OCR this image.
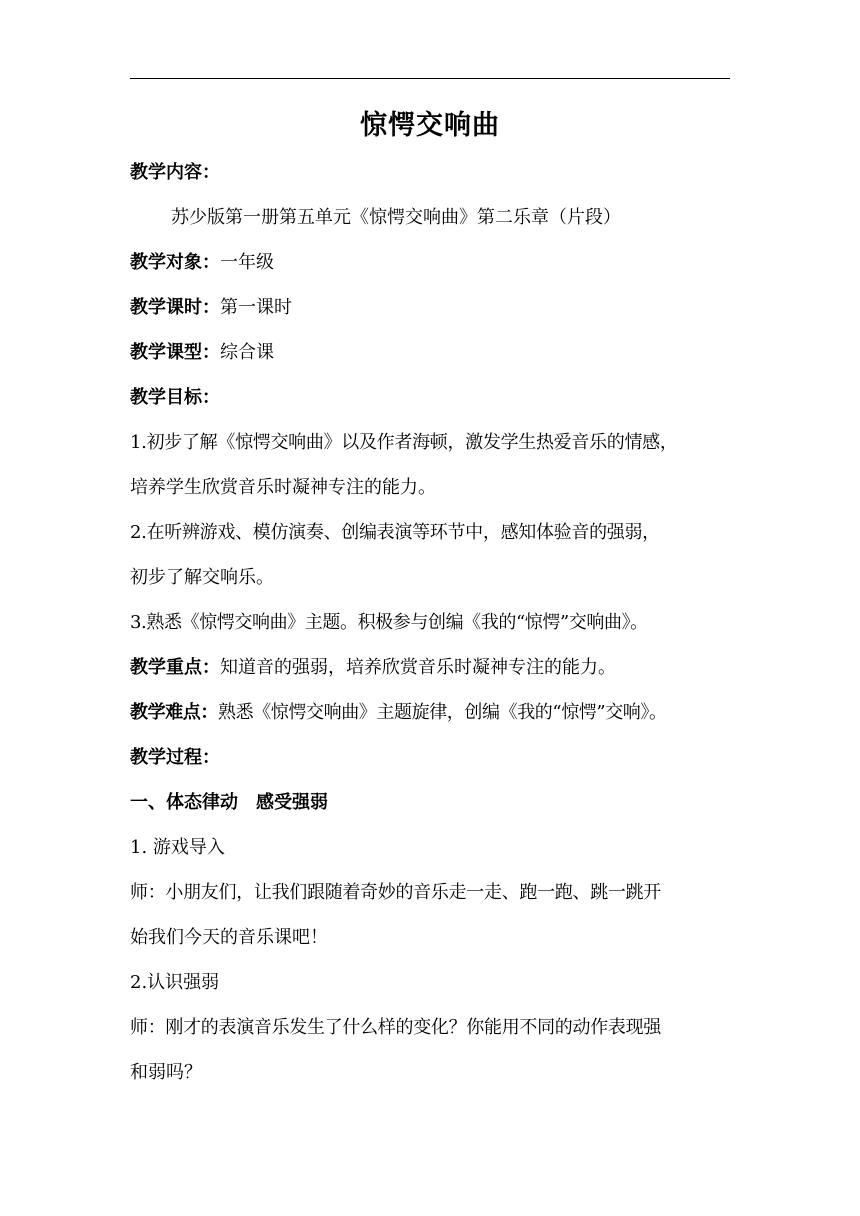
惊愕交响曲
教学内容：
苏少版第一册第五单元《惊愕交响曲》第二乐章（片段）
教学对象：一年级
教学课时：第一课时
教学课型：综合课
教学目标：
1.初步了解《惊愕交响曲》以及作者海顿，激发学生热爱音乐的情感，
培养学生欣赏音乐时凝神专注的能力。
2.在听辨游戏、模仿演奏、创编表演等环节中，感知体验音的强弱，
初步了解交响乐。
3.熟悉《惊愕交响曲》主题。积极参与创编《我的“惊愕”交响曲》。
教学重点：知道音的强弱，培养欣赏音乐时凝神专注的能力。
教学难点：熟悉《惊愕交响曲》主题旋律，创编《我的“惊愕”交响》。
教学过程：
一、体态律动　感受强弱
1. 游戏导入
师：小朋友们，让我们跟随着奇妙的音乐走一走、跑一跑、跳一跳开
始我们今天的音乐课吧！
2.认识强弱
师：刚才的表演音乐发生了什么样的变化？你能用不同的动作表现强
和弱吗？
